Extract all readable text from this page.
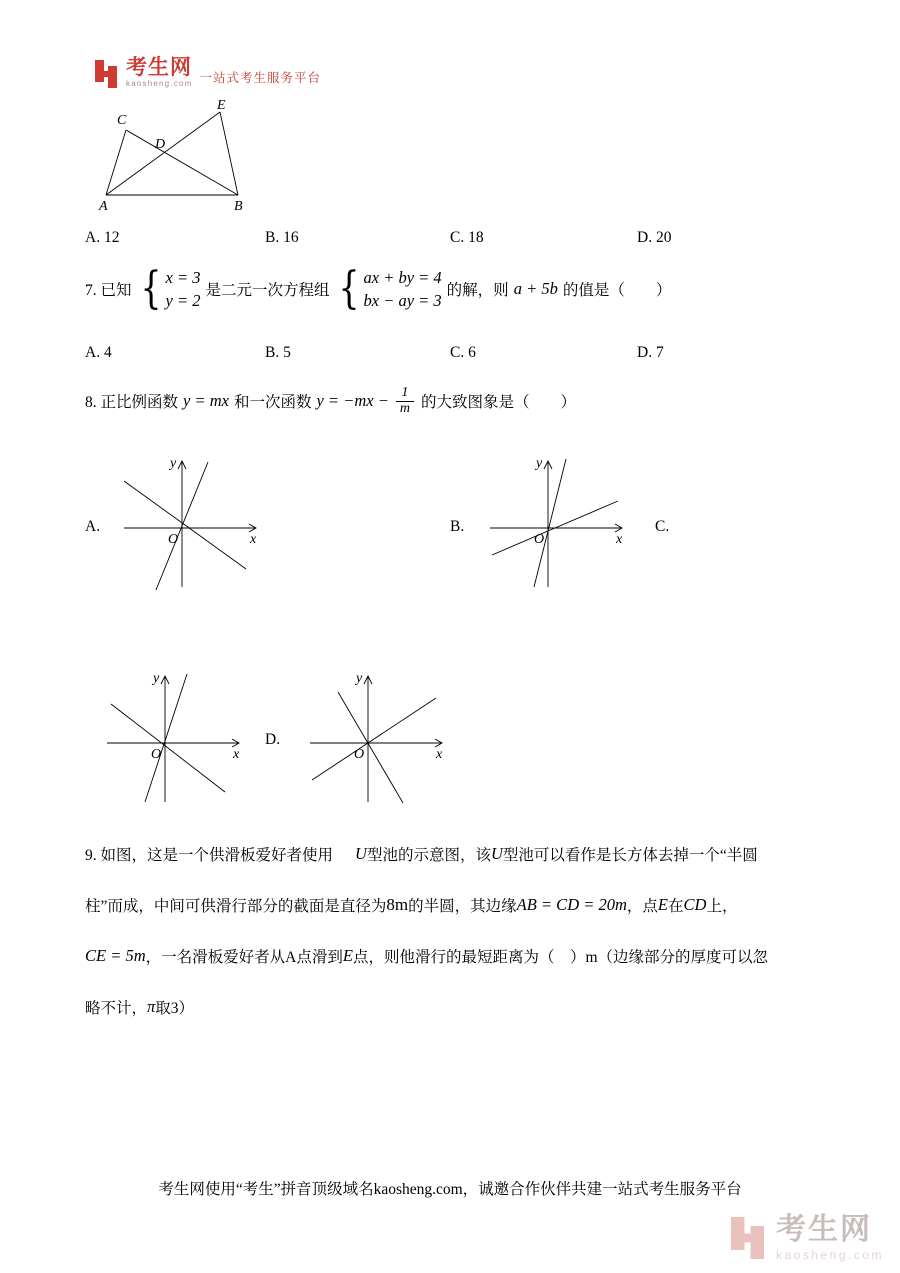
考生网
kaosheng.com 一站式考生服务平台
A	B
C
D
E
A. 12	B. 16	C. 18	D. 20
7. 已知 { x = 3
y = 2 是二元一次方程组 { ax + by = 4
bx − ay = 3 的解，则 a + 5b 的值是（　　）
A. 4	B. 5	C. 6	D. 7
8. 正比例函数 y = mx 和一次函数 $y = -mx - \frac{1}{m}$ 的大致图象是（　　）
A.
y
x
O
B.
y
x
O
C.
y
x
O
D.
y
x
O
9. 如图，这是一个供滑板爱好者使用 U 型池的示意图，该 U 型池可以看作是长方体去掉一个“半圆
柱”而成，中间可供滑行部分的截面是直径为 8m 的半圆，其边缘 AB = CD = 20m ，点 E 在 CD 上，
CE = 5m ，一名滑板爱好者从A点滑到 E 点，则他滑行的最短距离为（　）m（边缘部分的厚度可以忽
略不计， π 取3）
考生网使用“考生”拼音顶级域名kaosheng.com，诚邀合作伙伴共建一站式考生服务平台
考生网
kaosheng.com
